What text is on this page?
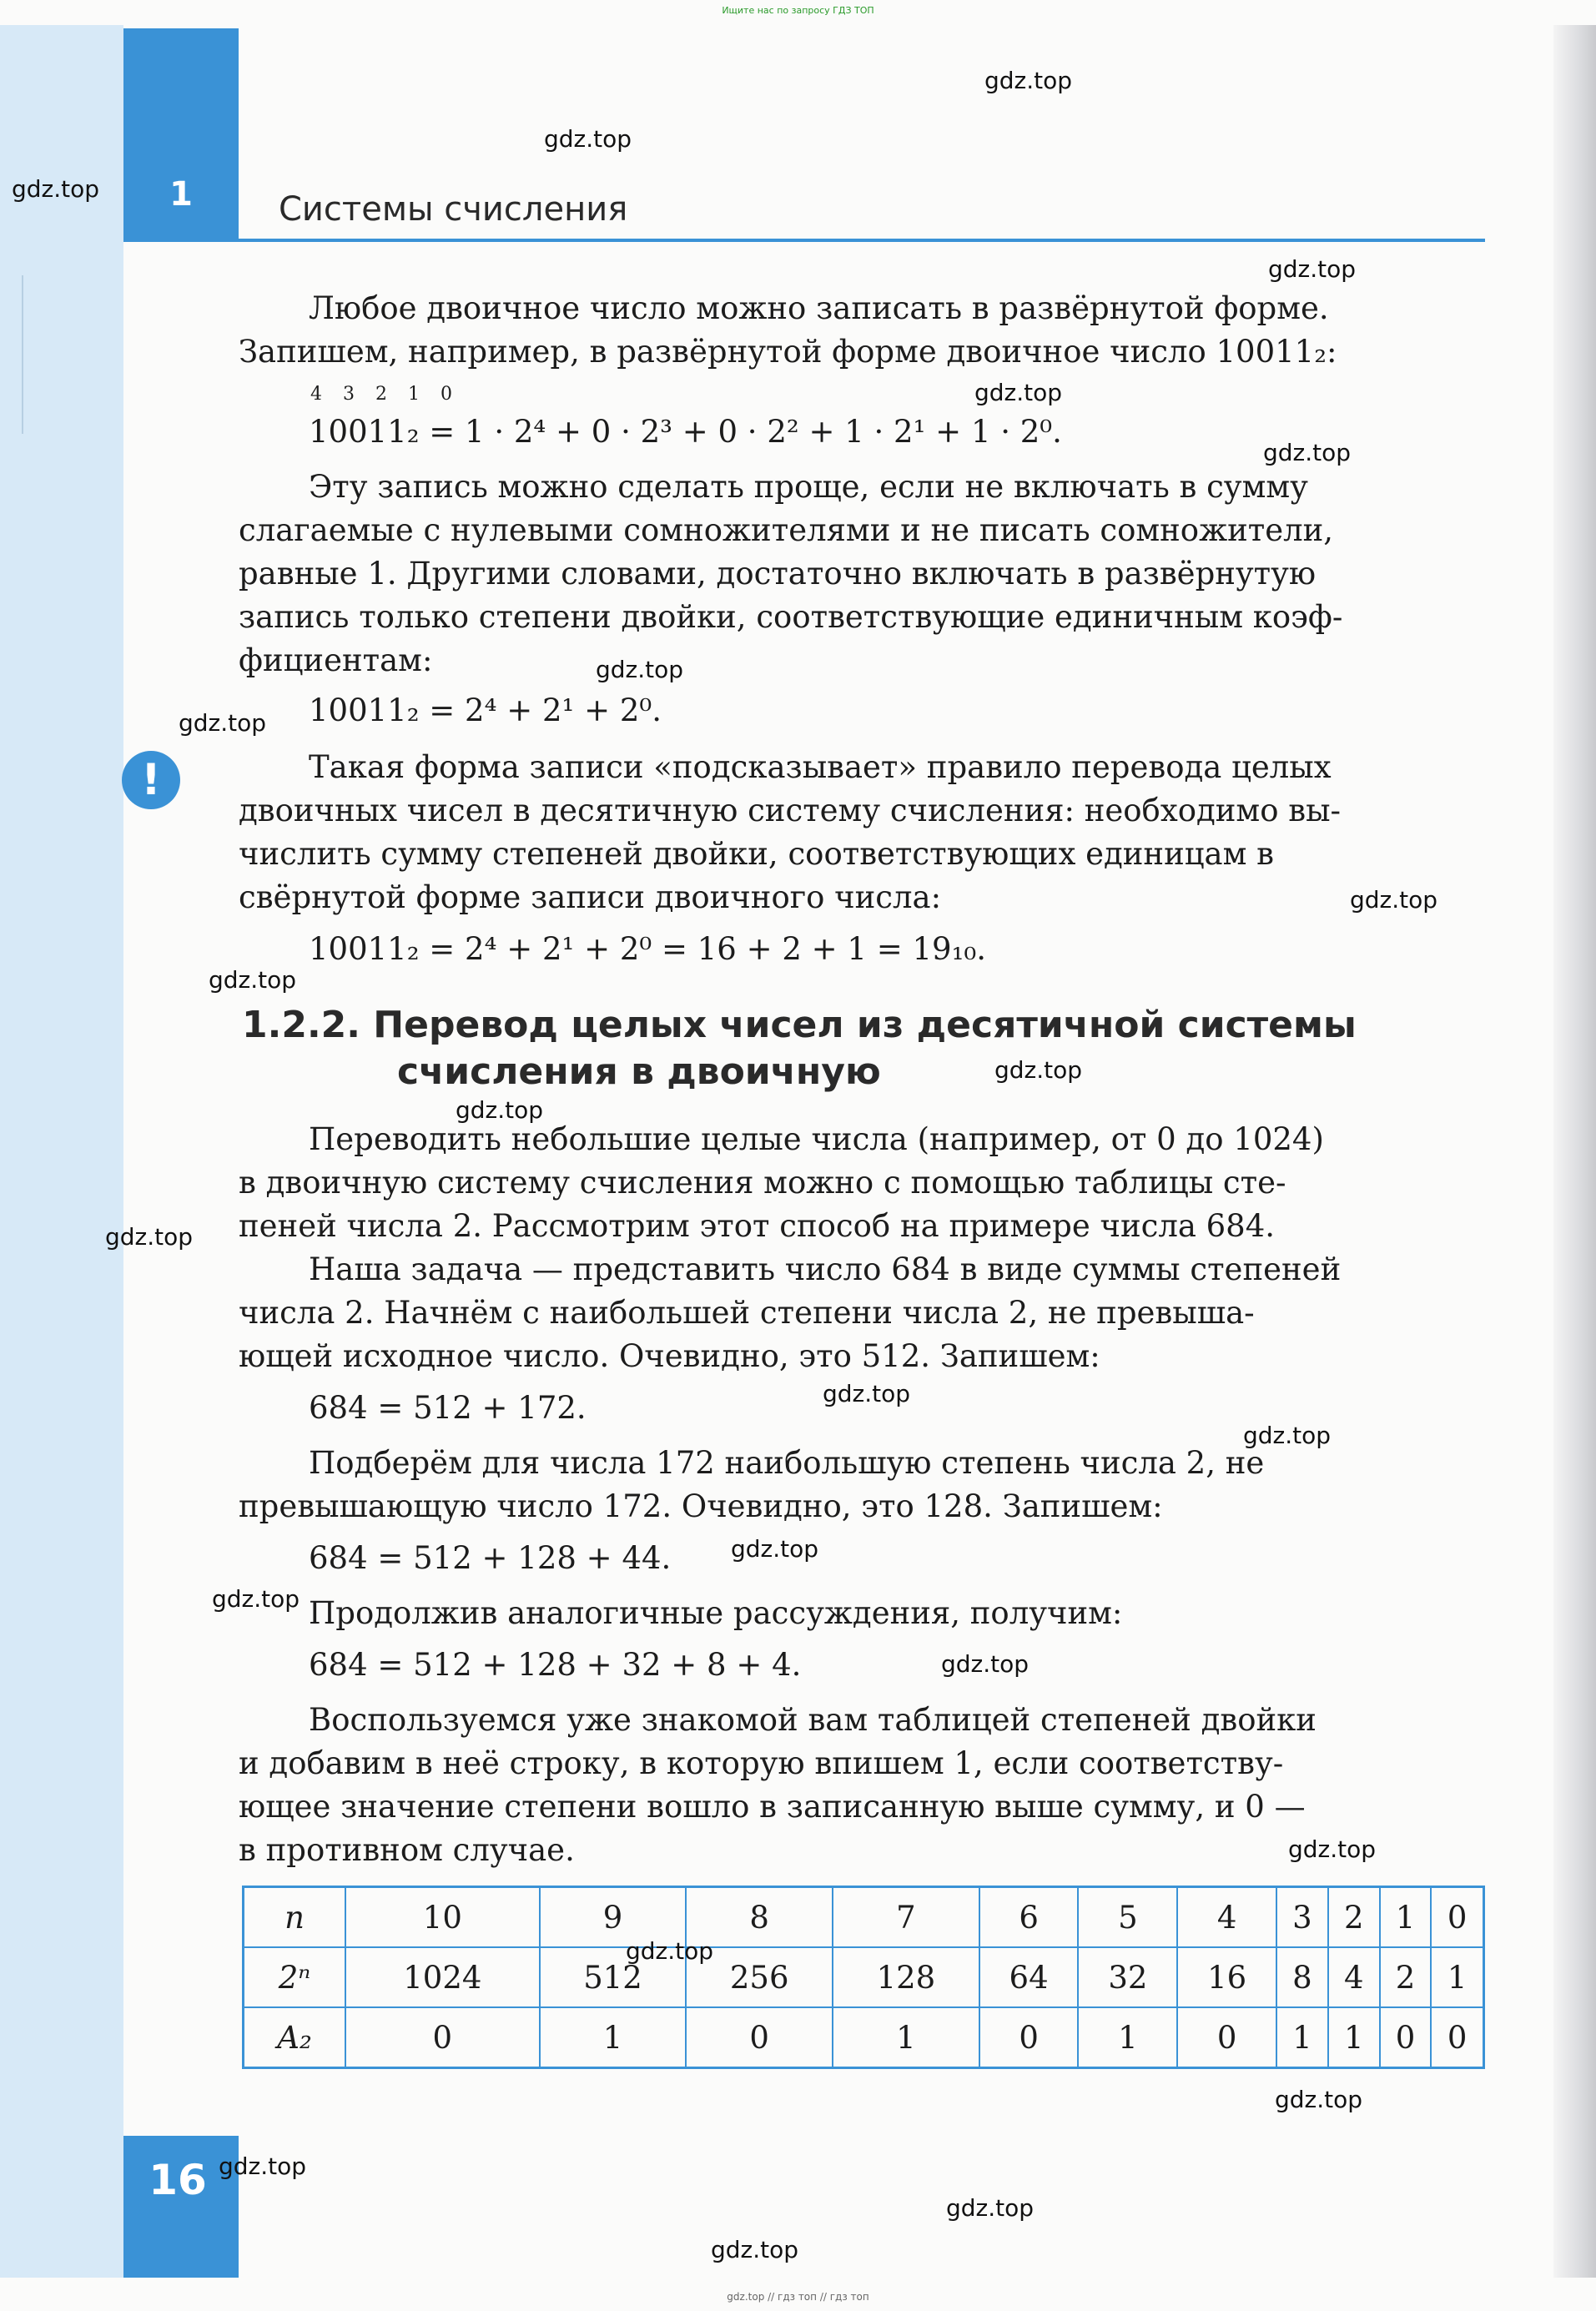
Ищите нас по запросу ГДЗ ТОП
1	Системы счисления
!
Любое двоичное число можно записать в развёрнутой форме.
Запишем, например, в развёрнутой форме двоичное число 10011₂:
4 3 2 1 0
10011₂ = 1 · 2⁴ + 0 · 2³ + 0 · 2² + 1 · 2¹ + 1 · 2⁰.
Эту запись можно сделать проще, если не включать в сумму
слагаемые с нулевыми сомножителями и не писать сомножители,
равные 1. Другими словами, достаточно включать в развёрнутую
запись только степени двойки, соответствующие единичным коэф-
фициентам:
10011₂ = 2⁴ + 2¹ + 2⁰.
Такая форма записи «подсказывает» правило перевода целых
двоичных чисел в десятичную систему счисления: необходимо вы-
числить сумму степеней двойки, соответствующих единицам в
свёрнутой форме записи двоичного числа:
10011₂ = 2⁴ + 2¹ + 2⁰ = 16 + 2 + 1 = 19₁₀.
1.2.2. Перевод целых чисел из десятичной системы
счисления в двоичную
Переводить небольшие целые числа (например, от 0 до 1024)
в двоичную систему счисления можно с помощью таблицы сте-
пеней числа 2. Рассмотрим этот способ на примере числа 684.
Наша задача — представить число 684 в виде суммы степеней
числа 2. Начнём с наибольшей степени числа 2, не превыша-
ющей исходное число. Очевидно, это 512. Запишем:
684 = 512 + 172.
Подберём для числа 172 наибольшую степень числа 2, не
превышающую число 172. Очевидно, это 128. Запишем:
684 = 512 + 128 + 44.
Продолжив аналогичные рассуждения, получим:
684 = 512 + 128 + 32 + 8 + 4.
Воспользуемся уже знакомой вам таблицей степеней двойки
и добавим в неё строку, в которую впишем 1, если соответству-
ющее значение степени вошло в записанную выше сумму, и 0 —
в противном случае.
n	10	9	8	7	6	5	4	3	2	1	0
2ⁿ	1024	512	256	128	64	32	16	8	4	2	1
A₂	0	1	0	1	0	1	0	1	1	0	0
16
gdz.top
gdz.top
gdz.top
gdz.top
gdz.top
gdz.top
gdz.top
gdz.top
gdz.top
gdz.top
gdz.top
gdz.top
gdz.top
gdz.top
gdz.top
gdz.top
gdz.top
gdz.top
gdz.top
gdz.top
gdz.top
gdz.top
gdz.top
gdz.top
gdz.top // гдз топ // гдз топ
